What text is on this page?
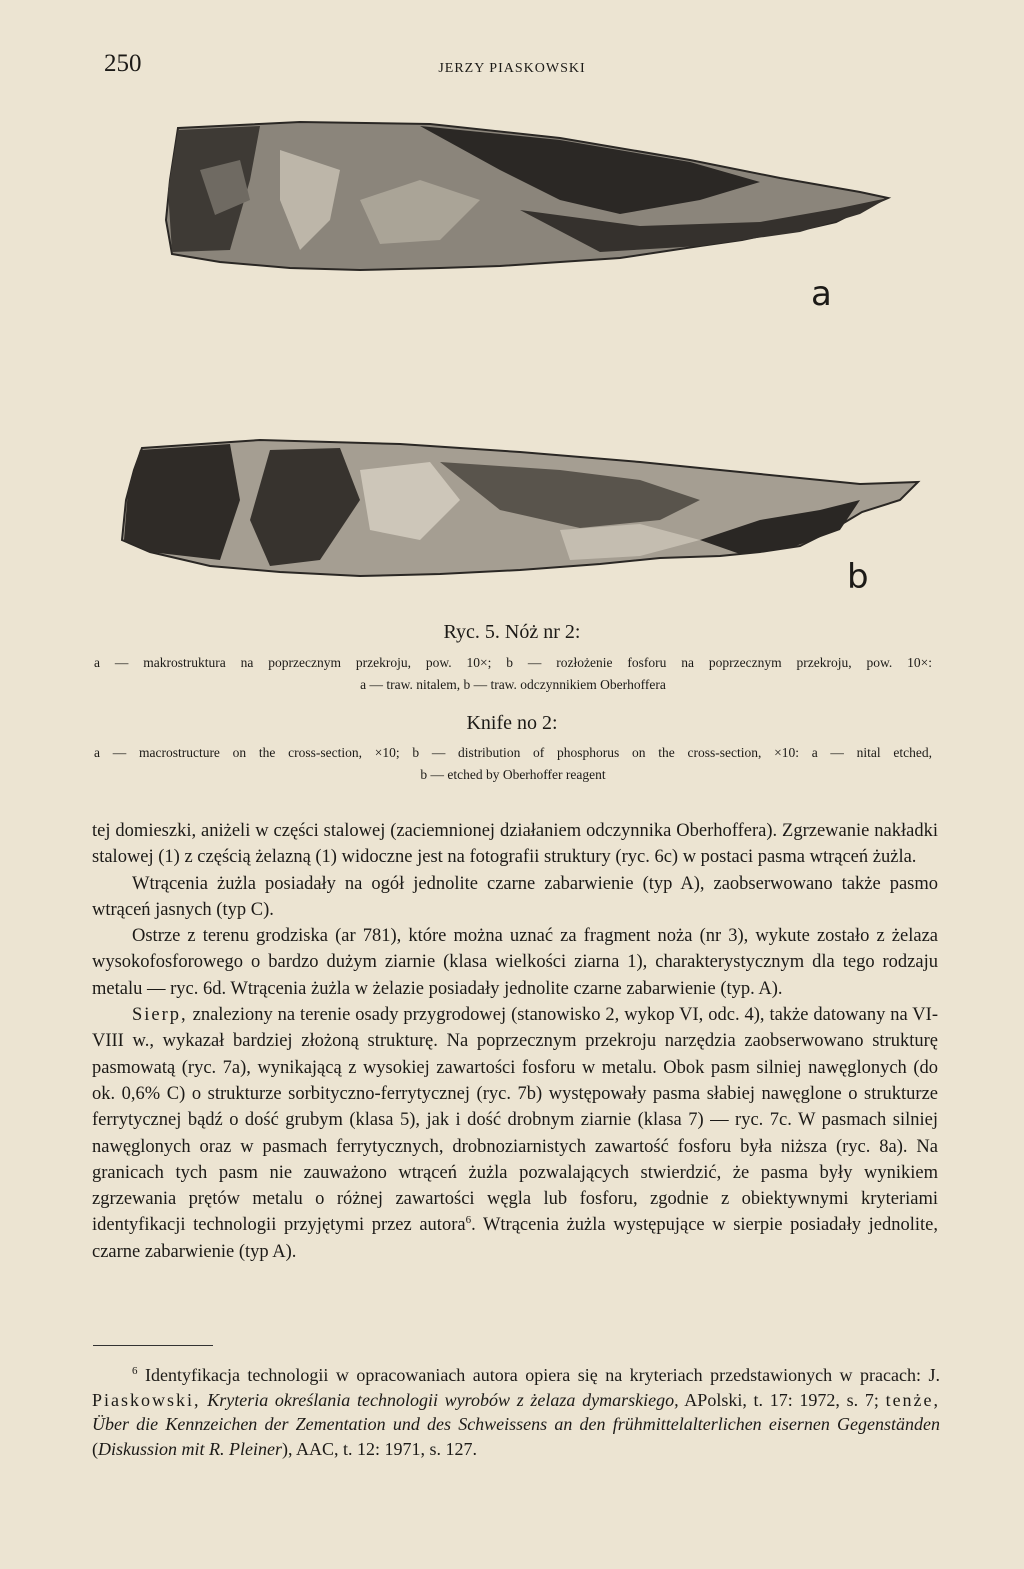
250	JERZY PIASKOWSKI
a
b
Ryc. 5. Nóż nr 2:
a — makrostruktura na poprzecznym przekroju, pow. 10×; b — rozłożenie fosforu na poprzecznym przekroju, pow. 10×:
a — traw. nitalem, b — traw. odczynnikiem Oberhoffera
Knife no 2:
a — macrostructure on the cross-section, ×10; b — distribution of phosphorus on the cross-section, ×10: a — nital etched,
b — etched by Oberhoffer reagent

tej domieszki, aniżeli w części stalowej (zaciemnionej działaniem odczynnika Oberhoffera). Zgrzewanie nakładki stalowej (1) z częścią żelazną (1) widoczne jest na fotografii struktury (ryc. 6c) w postaci pasma wtrąceń żużla.

Wtrącenia żużla posiadały na ogół jednolite czarne zabarwienie (typ A), zaobserwowano także pasmo wtrąceń jasnych (typ C).

Ostrze z terenu grodziska (ar 781), które można uznać za fragment noża (nr 3), wykute zostało z żelaza wysokofosforowego o bardzo dużym ziarnie (klasa wielkości ziarna 1), charakterystycznym dla tego rodzaju metalu — ryc. 6d. Wtrącenia żużla w żelazie posiadały jednolite czarne zabarwienie (typ. A).

Sierp, znaleziony na terenie osady przygrodowej (stanowisko 2, wykop VI, odc. 4), także datowany na VI-VIII w., wykazał bardziej złożoną strukturę. Na poprzecznym przekroju narzędzia zaobserwowano strukturę pasmowatą (ryc. 7a), wynikającą z wysokiej zawartości fosforu w metalu. Obok pasm silniej nawęglonych (do ok. 0,6% C) o strukturze sorbityczno-ferrytycznej (ryc. 7b) występowały pasma słabiej nawęglone o strukturze ferrytycznej bądź o dość grubym (klasa 5), jak i dość drobnym ziarnie (klasa 7) — ryc. 7c. W pasmach silniej nawęglonych oraz w pasmach ferrytycznych, drobnoziarnistych zawartość fosforu była niższa (ryc. 8a). Na granicach tych pasm nie zauważono wtrąceń żużla pozwalających stwierdzić, że pasma były wynikiem zgrzewania prętów metalu o różnej zawartości węgla lub fosforu, zgodnie z obiektywnymi kryteriami identyfikacji technologii przyjętymi przez autora$^6$. Wtrącenia żużla występujące w sierpie posiadały jednolite, czarne zabarwienie (typ A).

$^6$ Identyfikacja technologii w opracowaniach autora opiera się na kryteriach przedstawionych w pracach: J. Piaskowski, Kryteria określania technologii wyrobów z żelaza dymarskiego, APolski, t. 17: 1972, s. 7; tenże, Über die Kennzeichen der Zementation und des Schweissens an den frühmittelalterlichen eisernen Gegenständen (Diskussion mit R. Pleiner), AAC, t. 12: 1971, s. 127.
